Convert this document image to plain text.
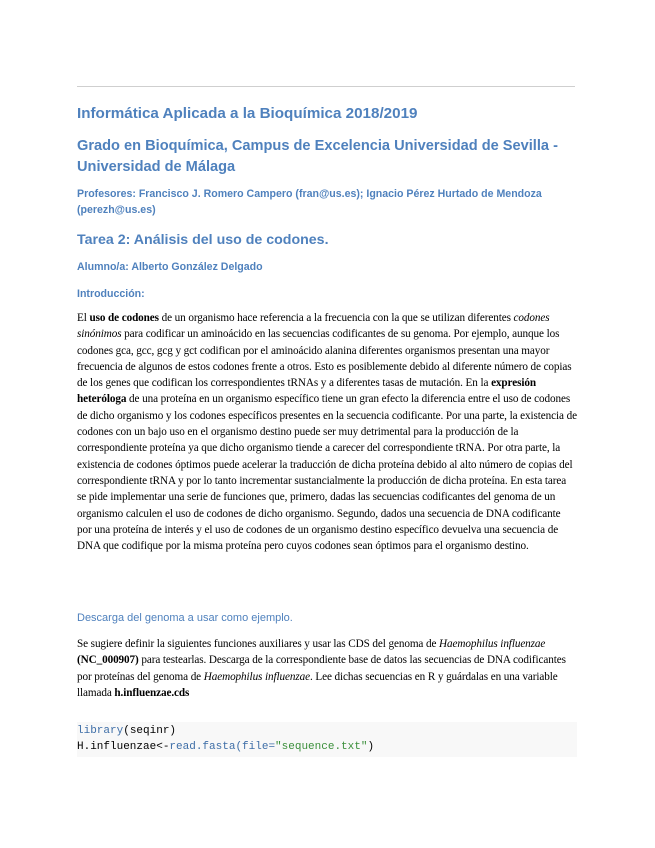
Informática Aplicada a la Bioquímica 2018/2019
Grado en Bioquímica, Campus de Excelencia Universidad de Sevilla - Universidad de Málaga

Profesores: Francisco J. Romero Campero (fran@us.es); Ignacio Pérez Hurtado de Mendoza (perezh@us.es)

Tarea 2: Análisis del uso de codones.

Alumno/a: Alberto González Delgado

Introducción:

El uso de codones de un organismo hace referencia a la frecuencia con la que se utilizan diferentes codones sinónimos para codificar un aminoácido en las secuencias codificantes de su genoma. Por ejemplo, aunque los codones gca, gcc, gcg y gct codifican por el aminoácido alanina diferentes organismos presentan una mayor frecuencia de algunos de estos codones frente a otros. Esto es posiblemente debido al diferente número de copias de los genes que codifican los correspondientes tRNAs y a diferentes tasas de mutación. En la expresión heteróloga de una proteína en un organismo específico tiene un gran efecto la diferencia entre el uso de codones de dicho organismo y los codones específicos presentes en la secuencia codificante. Por una parte, la existencia de codones con un bajo uso en el organismo destino puede ser muy detrimental para la producción de la correspondiente proteína ya que dicho organismo tiende a carecer del correspondiente tRNA. Por otra parte, la existencia de codones óptimos puede acelerar la traducción de dicha proteína debido al alto número de copias del correspondiente tRNA y por lo tanto incrementar sustancialmente la producción de dicha proteína. En esta tarea se pide implementar una serie de funciones que, primero, dadas las secuencias codificantes del genoma de un organismo calculen el uso de codones de dicho organismo. Segundo, dados una secuencia de DNA codificante por una proteína de interés y el uso de codones de un organismo destino específico devuelva una secuencia de DNA que codifique por la misma proteína pero cuyos codones sean óptimos para el organismo destino.

Descarga del genoma a usar como ejemplo.

Se sugiere definir la siguientes funciones auxiliares y usar las CDS del genoma de Haemophilus influenzae (NC_000907) para testearlas. Descarga de la correspondiente base de datos las secuencias de DNA codificantes por proteínas del genoma de Haemophilus influenzae. Lee dichas secuencias en R y guárdalas en una variable llamada h.influenzae.cds

library(seqinr)
H.influenzae<-read.fasta(file="sequence.txt")
